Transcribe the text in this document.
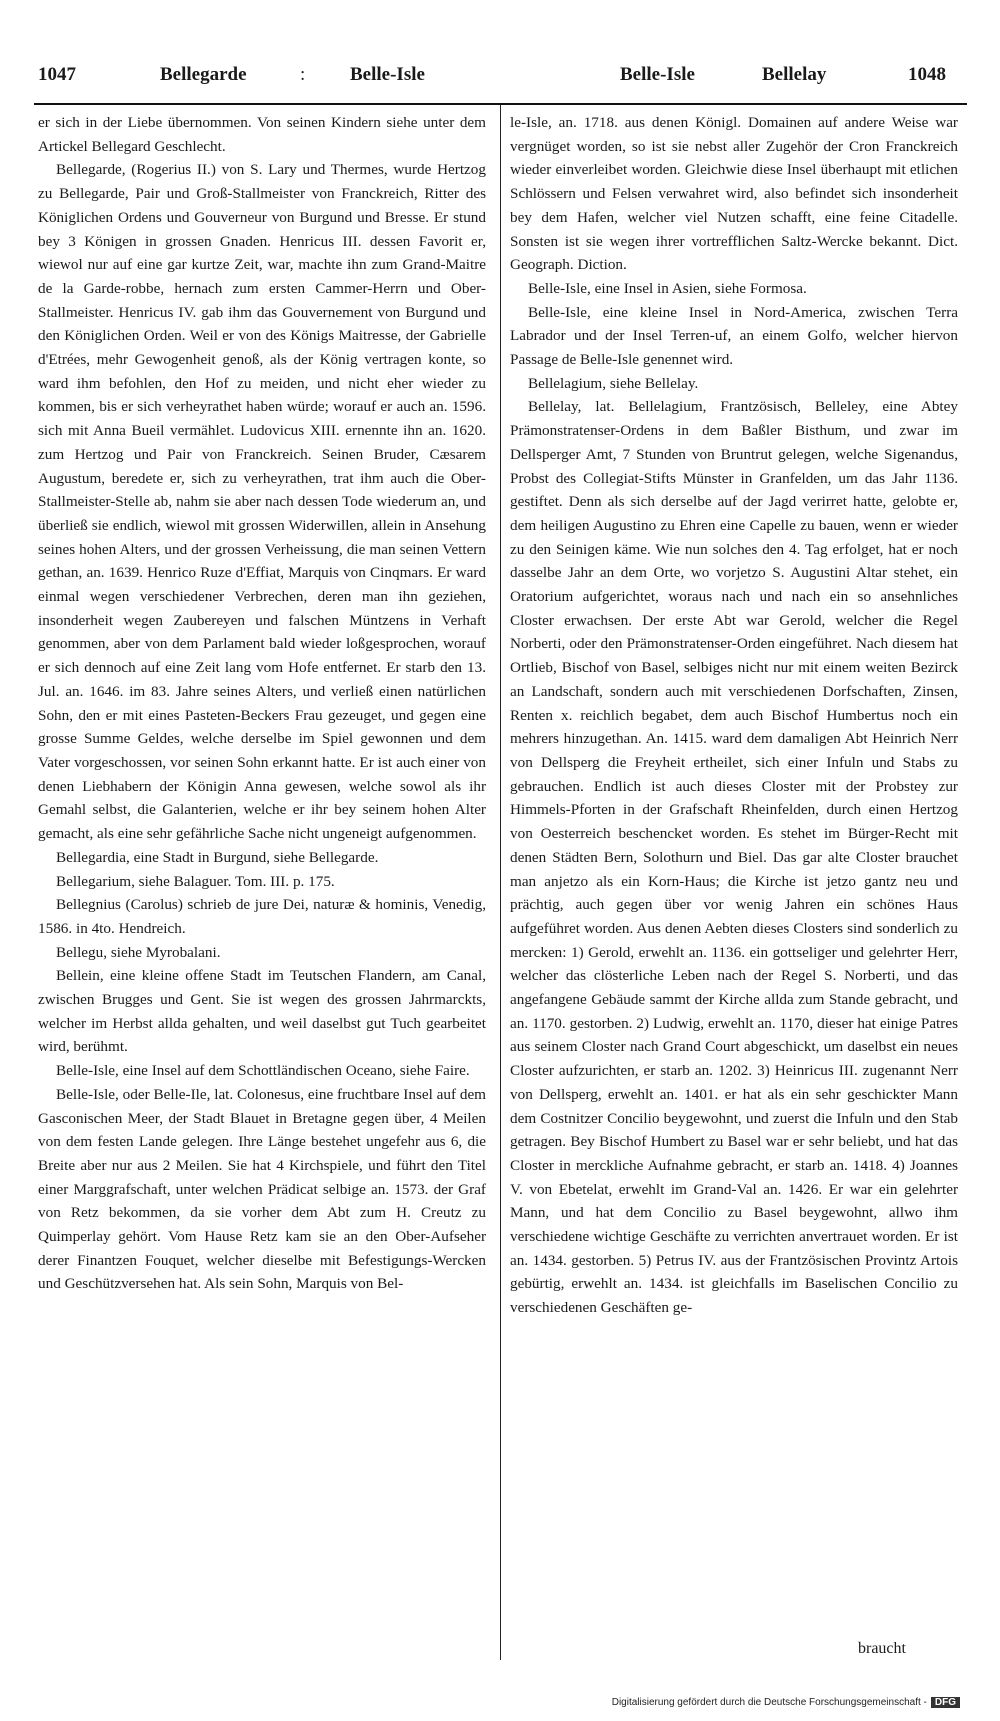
1047	Bellegarde	: Belle-Isle	Belle-Isle	Bellelay	1048

er sich in der Liebe übernommen. Von seinen Kindern siehe unter dem Artickel Bellegard Geschlecht.

Bellegarde, (Rogerius II.) von S. Lary und Thermes, wurde Hertzog zu Bellegarde, Pair und Groß-Stallmeister von Franckreich, Ritter des Königlichen Ordens und Gouverneur von Burgund und Bresse. Er stund bey 3 Königen in grossen Gnaden. Henricus III. dessen Favorit er, wiewol nur auf eine gar kurtze Zeit, war, machte ihn zum Grand-Maitre de la Garde-robbe, hernach zum ersten Cammer-Herrn und Ober-Stallmeister. Henricus IV. gab ihm das Gouvernement von Burgund und den Königlichen Orden. Weil er von des Königs Maitresse, der Gabrielle d'Etrées, mehr Gewogenheit genoß, als der König vertragen konte, so ward ihm befohlen, den Hof zu meiden, und nicht eher wieder zu kommen, bis er sich verheyrathet haben würde; worauf er auch an. 1596. sich mit Anna Bueil vermählet. Ludovicus XIII. ernennte ihn an. 1620. zum Hertzog und Pair von Franckreich. Seinen Bruder, Cæsarem Augustum, beredete er, sich zu verheyrathen, trat ihm auch die Ober-Stallmeister-Stelle ab, nahm sie aber nach dessen Tode wiederum an, und überließ sie endlich, wiewol mit grossen Widerwillen, allein in Ansehung seines hohen Alters, und der grossen Verheissung, die man seinen Vettern gethan, an. 1639. Henrico Ruze d'Effiat, Marquis von Cinqmars. Er ward einmal wegen verschiedener Verbrechen, deren man ihn geziehen, insonderheit wegen Zaubereyen und falschen Müntzens in Verhaft genommen, aber von dem Parlament bald wieder loßgesprochen, worauf er sich dennoch auf eine Zeit lang vom Hofe entfernet. Er starb den 13. Jul. an. 1646. im 83. Jahre seines Alters, und verließ einen natürlichen Sohn, den er mit eines Pasteten-Beckers Frau gezeuget, und gegen eine grosse Summe Geldes, welche derselbe im Spiel gewonnen und dem Vater vorgeschossen, vor seinen Sohn erkannt hatte. Er ist auch einer von denen Liebhabern der Königin Anna gewesen, welche sowol als ihr Gemahl selbst, die Galanterien, welche er ihr bey seinem hohen Alter gemacht, als eine sehr gefährliche Sache nicht ungeneigt aufgenommen.

Bellegardia, eine Stadt in Burgund, siehe Bellegarde.

Bellegarium, siehe Balaguer. Tom. III. p. 175.

Bellegnius (Carolus) schrieb de jure Dei, naturæ & hominis, Venedig, 1586. in 4to. Hendreich.

Bellegu, siehe Myrobalani.

Bellein, eine kleine offene Stadt im Teutschen Flandern, am Canal, zwischen Brugges und Gent. Sie ist wegen des grossen Jahrmarckts, welcher im Herbst allda gehalten, und weil daselbst gut Tuch gearbeitet wird, berühmt.

Belle-Isle, eine Insel auf dem Schottländischen Oceano, siehe Faire.

Belle-Isle, oder Belle-Ile, lat. Colonesus, eine fruchtbare Insel auf dem Gasconischen Meer, der Stadt Blauet in Bretagne gegen über, 4 Meilen von dem festen Lande gelegen. Ihre Länge bestehet ungefehr aus 6, die Breite aber nur aus 2 Meilen. Sie hat 4 Kirchspiele, und führt den Titel einer Marggrafschaft, unter welchen Prädicat selbige an. 1573. der Graf von Retz bekommen, da sie vorher dem Abt zum H. Creutz zu Quimperlay gehört. Vom Hause Retz kam sie an den Ober-Aufseher derer Finantzen Fouquet, welcher dieselbe mit Befestigungs-Wercken und Geschützversehen hat. Als sein Sohn, Marquis von Bel-

le-Isle, an. 1718. aus denen Königl. Domainen auf andere Weise war vergnüget worden, so ist sie nebst aller Zugehör der Cron Franckreich wieder einverleibet worden. Gleichwie diese Insel überhaupt mit etlichen Schlössern und Felsen verwahret wird, also befindet sich insonderheit bey dem Hafen, welcher viel Nutzen schafft, eine feine Citadelle. Sonsten ist sie wegen ihrer vortrefflichen Saltz-Wercke bekannt. Dict. Geograph. Diction.

Belle-Isle, eine Insel in Asien, siehe Formosa.

Belle-Isle, eine kleine Insel in Nord-America, zwischen Terra Labrador und der Insel Terren-uf, an einem Golfo, welcher hiervon Passage de Belle-Isle genennet wird.

Bellelagium, siehe Bellelay.

Bellelay, lat. Bellelagium, Frantzösisch, Belleley, eine Abtey Prämonstratenser-Ordens in dem Baßler Bisthum, und zwar im Dellsperger Amt, 7 Stunden von Bruntrut gelegen, welche Sigenandus, Probst des Collegiat-Stifts Münster in Granfelden, um das Jahr 1136. gestiftet. Denn als sich derselbe auf der Jagd verirret hatte, gelobte er, dem heiligen Augustino zu Ehren eine Capelle zu bauen, wenn er wieder zu den Seinigen käme. Wie nun solches den 4. Tag erfolget, hat er noch dasselbe Jahr an dem Orte, wo vorjetzo S. Augustini Altar stehet, ein Oratorium aufgerichtet, woraus nach und nach ein so ansehnliches Closter erwachsen. Der erste Abt war Gerold, welcher die Regel Norberti, oder den Prämonstratenser-Orden eingeführet. Nach diesem hat Ortlieb, Bischof von Basel, selbiges nicht nur mit einem weiten Bezirck an Landschaft, sondern auch mit verschiedenen Dorfschaften, Zinsen, Renten x. reichlich begabet, dem auch Bischof Humbertus noch ein mehrers hinzugethan. An. 1415. ward dem damaligen Abt Heinrich Nerr von Dellsperg die Freyheit ertheilet, sich einer Infuln und Stabs zu gebrauchen. Endlich ist auch dieses Closter mit der Probstey zur Himmels-Pforten in der Grafschaft Rheinfelden, durch einen Hertzog von Oesterreich beschencket worden. Es stehet im Bürger-Recht mit denen Städten Bern, Solothurn und Biel. Das gar alte Closter brauchet man anjetzo als ein Korn-Haus; die Kirche ist jetzo gantz neu und prächtig, auch gegen über vor wenig Jahren ein schönes Haus aufgeführet worden. Aus denen Aebten dieses Closters sind sonderlich zu mercken: 1) Gerold, erwehlt an. 1136. ein gottseliger und gelehrter Herr, welcher das clösterliche Leben nach der Regel S. Norberti, und das angefangene Gebäude sammt der Kirche allda zum Stande gebracht, und an. 1170. gestorben. 2) Ludwig, erwehlt an. 1170, dieser hat einige Patres aus seinem Closter nach Grand Court abgeschickt, um daselbst ein neues Closter aufzurichten, er starb an. 1202. 3) Heinricus III. zugenannt Nerr von Dellsperg, erwehlt an. 1401. er hat als ein sehr geschickter Mann dem Costnitzer Concilio beygewohnt, und zuerst die Infuln und den Stab getragen. Bey Bischof Humbert zu Basel war er sehr beliebt, und hat das Closter in merckliche Aufnahme gebracht, er starb an. 1418. 4) Joannes V. von Ebetelat, erwehlt im Grand-Val an. 1426. Er war ein gelehrter Mann, und hat dem Concilio zu Basel beygewohnt, allwo ihm verschiedene wichtige Geschäfte zu verrichten anvertrauet worden. Er ist an. 1434. gestorben. 5) Petrus IV. aus der Frantzösischen Provintz Artois gebürtig, erwehlt an. 1434. ist gleichfalls im Baselischen Concilio zu verschiedenen Geschäften ge-

braucht
Digitalisierung gefördert durch die Deutsche Forschungsgemeinschaft - DFG
